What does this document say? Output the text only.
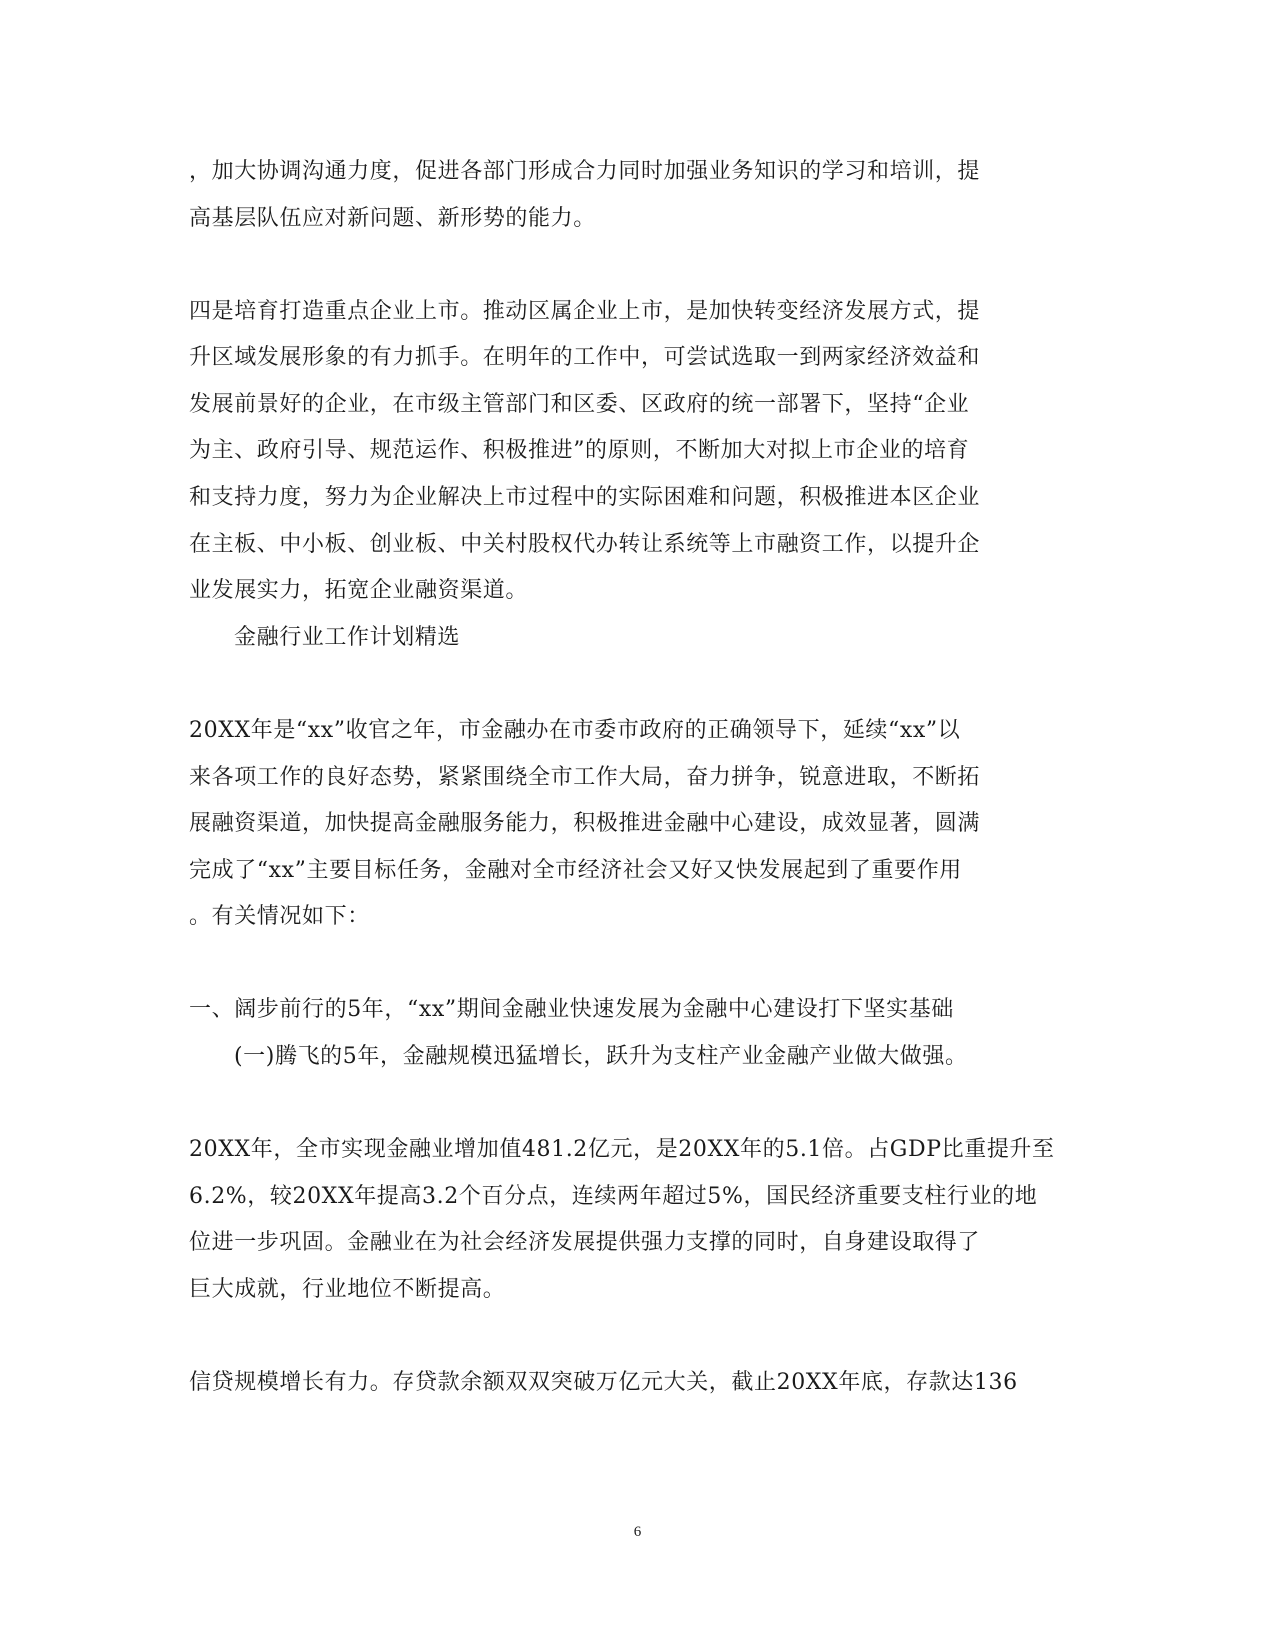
，加大协调沟通力度，促进各部门形成合力同时加强业务知识的学习和培训，提
高基层队伍应对新问题、新形势的能力。
四是培育打造重点企业上市。推动区属企业上市，是加快转变经济发展方式，提
升区域发展形象的有力抓手。在明年的工作中，可尝试选取一到两家经济效益和
发展前景好的企业，在市级主管部门和区委、区政府的统一部署下，坚持“企业
为主、政府引导、规范运作、积极推进”的原则，不断加大对拟上市企业的培育
和支持力度，努力为企业解决上市过程中的实际困难和问题，积极推进本区企业
在主板、中小板、创业板、中关村股权代办转让系统等上市融资工作，以提升企
业发展实力，拓宽企业融资渠道。
金融行业工作计划精选
20XX年是“xx”收官之年，市金融办在市委市政府的正确领导下，延续“xx”以
来各项工作的良好态势，紧紧围绕全市工作大局，奋力拼争，锐意进取，不断拓
展融资渠道，加快提高金融服务能力，积极推进金融中心建设，成效显著，圆满
完成了“xx”主要目标任务，金融对全市经济社会又好又快发展起到了重要作用
。有关情况如下：
一、阔步前行的5年，“xx”期间金融业快速发展为金融中心建设打下坚实基础
(一)腾飞的5年，金融规模迅猛增长，跃升为支柱产业金融产业做大做强。
20XX年，全市实现金融业增加值481.2亿元，是20XX年的5.1倍。占GDP比重提升至
6.2%，较20XX年提高3.2个百分点，连续两年超过5%，国民经济重要支柱行业的地
位进一步巩固。金融业在为社会经济发展提供强力支撑的同时，自身建设取得了
巨大成就，行业地位不断提高。
信贷规模增长有力。存贷款余额双双突破万亿元大关，截止20XX年底，存款达136
6
